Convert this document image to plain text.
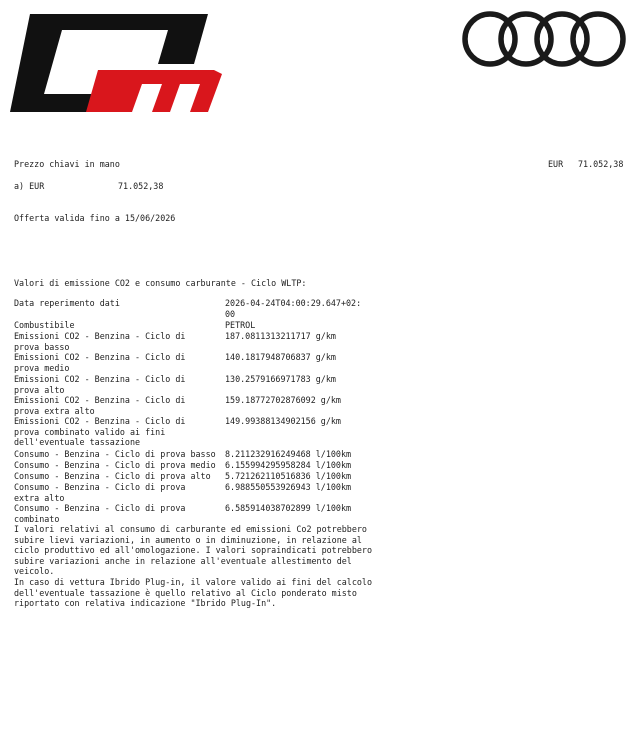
Prezzo chiavi in mano	EUR 71.052,38
a) EUR	71.052,38
Offerta valida fino a 15/06/2026
Valori di emissione CO2 e consumo carburante - Ciclo WLTP:
Data reperimento dati	2026-04-24T04:00:29.647+02:
00
Combustibile	PETROL
Emissioni CO2 - Benzina - Ciclo di
prova basso
187.0811313211717 g/km
Emissioni CO2 - Benzina - Ciclo di
prova medio
140.1817948706837 g/km
Emissioni CO2 - Benzina - Ciclo di
prova alto
130.2579166971783 g/km
Emissioni CO2 - Benzina - Ciclo di
prova extra alto
159.18772702876092 g/km
Emissioni CO2 - Benzina - Ciclo di
prova combinato valido ai fini
dell'eventuale tassazione
149.99388134902156 g/km
Consumo - Benzina - Ciclo di prova basso 8.211232916249468 l/100km
Consumo - Benzina - Ciclo di prova medio 6.155994295958284 l/100km
Consumo - Benzina - Ciclo di prova alto	5.721262110516836 l/100km
Consumo - Benzina - Ciclo di prova
extra alto
6.988550553926943 l/100km
Consumo - Benzina - Ciclo di prova
combinato
6.585914038702899 l/100km
I valori relativi al consumo di carburante ed emissioni Co2 potrebbero subire lievi variazioni, in aumento o in diminuzione, in relazione al ciclo produttivo ed all'omologazione. I valori sopraindicati potrebbero subire variazioni anche in relazione all'eventuale allestimento del veicolo.
In caso di vettura Ibrido Plug-in, il valore valido ai fini del calcolo dell'eventuale tassazione è quello relativo al Ciclo ponderato misto riportato con relativa indicazione "Ibrido Plug-In".
